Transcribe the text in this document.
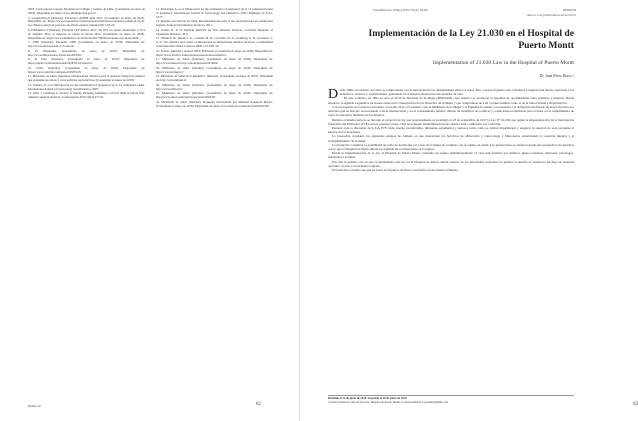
2018. Convocatoria Consejo Nacional de la Mujer y Género de Chile. [Consultado en enero de 2018]. Disponible en: https://www.minmujeryeg.gob.cl/

5. Cooperativa.cl. [Internet]. Encuesta CADEM julio 2017. [Consultado en enero de 2018]. Disponible en: https://www.cooperativa.cl/noticias/pais/salud/aborto/encuesta-cadem-el-75-de-los-chilenos-apoya-el-proyecto-de-aborto-en-tres-causales/2017-07-24/

6. Publimetro.cl [Internet]. Encuesta CEP febrero 2017 con 49% en ciertas situaciones y 22% en ninguna. Hoy, la mayoría se opone al aborto libre. [Consultado en enero de 2018]. Disponible en: https://www.publimetro.cl/cl/noticias/2017/06/02/encuesta-cep-aborto.html

7. UDP. [Internet]. Encuesta UDP. [Consultado en enero de 2018]. Disponible en: http://www.encuesta.udp.cl/?s=aborto

8. El Mostrador. [Consultado en enero de 2018]. Disponible en: http://www.elmostrador.cl/noticias/2018/05/

9. El País. [Internet]. [Consultado en enero de 2018]. Disponible en: https://elpais.com/internacional/2018/01/16/america/

10. CNN. [Internet]. [Consultado en mayo de 2018]. Disponible en: https://www.cnnchile.com/pais/2018/05/23/

11. Ministerio de salud. [Internet]. Orientaciones Técnicas para la atención integral de mujeres que presentan un aborto y otras pérdidas reproductivas. [Consultado en enero de 2018].

12. Tamara, D. et al. Misoprostol for the termination of pregnancy up to 12 completed weeks. International Journal of Gynecology and Obstetrics, 2007.

13. Alley J, Goldberg A. Society of Family Planning Guideline: Cervical dilation before first-trimester surgical abortion. Contraception 2016; 93(4):277-91.

12. Fernandez, A. et al. Misoprostol for the termination of pregnancy up to 12 completed weeks of pregnancy. International Journal of Gynecology and Obstetrics, 2007; 99(Suppl 2): S172-S177.

13. Instituto para Aborto en Chile. Recomendaciones para el uso de misoprostol en condiciones seguras. Serie de Documentos Técnicos, 2011.

14. Kalter, R. et al. Medical methods for first trimester abortion. Cochrane Database of Systematic Reviews, 2011.

15. Winikoff, B., Dzuba, I. G., Creinin, M. D., Crowden, W. A., Goldberg, A. B., Gonzales, J., et al. Two distinct oral routes of misoprostol in mifepristone medical abortion: a randomized controlled trial. Obstet Gynecol 2008; 112:1303-10.

16. Fonasa. [Internet]. Arancel MLE FONASA. [Consultado en mayo de 2018]. Disponible en: https://www.fonasa.cl/sites/fonasa/prestadores/normativa/

17. Ministerio de Salud. [Internet]. [Consultado en mayo de 2018]. Disponible en: http://www.minsal.cl/wp-content/uploads/2018/02/

18. Ministerio de salud. [Internet]. [Consultado en mayo de 2018]. Disponible en: https://www.minsal.cl/

19. Ministerio de Salud de la República. [Internet]. [Consultado en mayo de 2018]. Disponible en: http://www.minsal.cl/

20. Ministerio de Salud. [Internet]. [Consultado en mayo de 2018]. Disponible en: http://www.minsal.cl/

21. Ministerio de salud. [Internet]. [Consultado en mayo de 2018]. Disponible en: http://www.emol.com/noticias/nacional/2018/05/

22. Ministerio de salud. [Internet]. Propuesta desarrollada por Manuela Sandoval Mastro. [Consultado en mayo de 2018]. Disponible en: http://www.latercera.com/noticia/2016/07/06/

Rubrica P.	62	63
Cuad Méd Soc (Chile) 2018, 58 (2): 63-69	OPINIÓN
Aborto: una problemática de derechos
Implementación de la Ley 21.030 en el Hospital de Puerto Montt
Implementation of 21.030 Law in the Hospital of Puerto Montt
Dr. Juan Pérez Bravo ¹

Desde 1989, el Gobierno de Chile se comprometió con la superación de las desigualdades entre los sexos. Esto, porque el género trae a hombres y mujeres una menor capacidad a los beneficios, recursos y oportunidades, generando a los mujeres situaciones inaceptables de vida.

En este contexto, en 1991 se creó el Servicio Nacional de la Mujer (SERNAM) cuya objetivo es promover la igualdad de oportunidades entre hombres y mujeres. Desde entonces, la Agenda Legislativa de Género tiene en la consagración de los Derechos de la Mujer y que compromete de a ell a orden familiar; tanto al de la Salud Sexual y Reproductiva.

Con el propósito de fortalecer esta meta, en el año 2015, el Gobierno creó el Ministerio de la Mujer y la Equidad de Género, en respuesta a la obligación del Estado de hacer efectivos los derechos que se han ido reconociendo a nivel internacional y en el ordenamiento jurídico interno de modificar las políticas y condiciones económicas para avanzar en el cumplimiento de todos los derechos humanos de las mujeres.

Durante el mismo período se discutió el proyecto de ley que posteriormente se promulgó el 23 de septiembre de 2017 la Ley N° 21.030 que regula la despenalización de la Interrupción Voluntaria del Embarazo (IVE) en tres causales: riesgo vital de la mujer, inviabilidad fetal de carácter letal y embarazo por violación.

Durante toda la discusión de la Ley IVE, hubo mucho escepticismo, diferentes argumentos y temores sobre cómo se debían implementar y asegurar la atención de esas pacientes al interior de los hospitales.

La prestación considera los siguientes equipos de cuidado en que interactúan los Servicios de Obstetricia y Ginecología y Matronería, garantizando la atención integral y el acompañamiento de la mujer.

La prestación considera la posibilidad de toma de decisiones por parte de la mujer en conjunto con el equipo de salud. Las prestaciones se sentaron desde una perspectiva de derechos con lo que el Hospital de Puerto Montt ha asumido un rol importante en la región.

Desde la implementación de la ley, el Hospital de Puerto Montt conformó un equipo multidisciplinario el cual está formado por médicos gineco-obstetras, matronas, psicólogos, trabajadores sociales.

Esta fue la primera vez en que se implementó esta ley en el Hospital de Puerto Montt. Dentro de los principales propósitos se planteó el desafío de establecer un flujo de atención oportuno, acorde a la normativa vigente.

En particular, el único fue que en todos los Equipos de Turno, este hecho se encontraba reflejado.

Recibido el 13 de junio de 2018. Aceptado el 20 de junio de 2018
1 Ginecó-Obstetra. Jefe de Servicio. Hospital de Puerto Montt. Correspondencia a: jperezb@gmail.com
